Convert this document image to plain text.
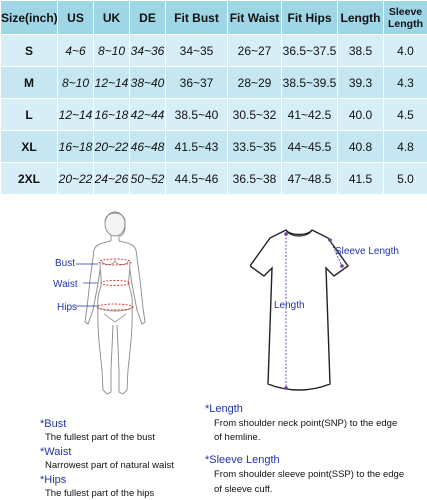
Size(inch)	US	UK	DE	Fit Bust	Fit Waist	Fit Hips	Length	Sleeve Length
S	4~6	8~10	34~36	34~35	26~27	36.5~37.5	38.5	4.0
M	8~10	12~14	38~40	36~37	28~29	38.5~39.5	39.3	4.3
L	12~14	16~18	42~44	38.5~40	30.5~32	41~42.5	40.0	4.5
XL	16~18	20~22	46~48	41.5~43	33.5~35	44~45.5	40.8	4.8
2XL	20~22	24~26	50~52	44.5~46	36.5~38	47~48.5	41.5	5.0
Bust
Waist
Hips
Sleeve Length
Length
*Bust
The fullest part of the bust
*Waist
Narrowest part of natural waist
*Hips
The fullest part of the hips
*Length
From shoulder neck point(SNP) to the edge
of hemline.
*Sleeve Length
From shoulder sleeve point(SSP) to the edge
of sleeve cuff.
